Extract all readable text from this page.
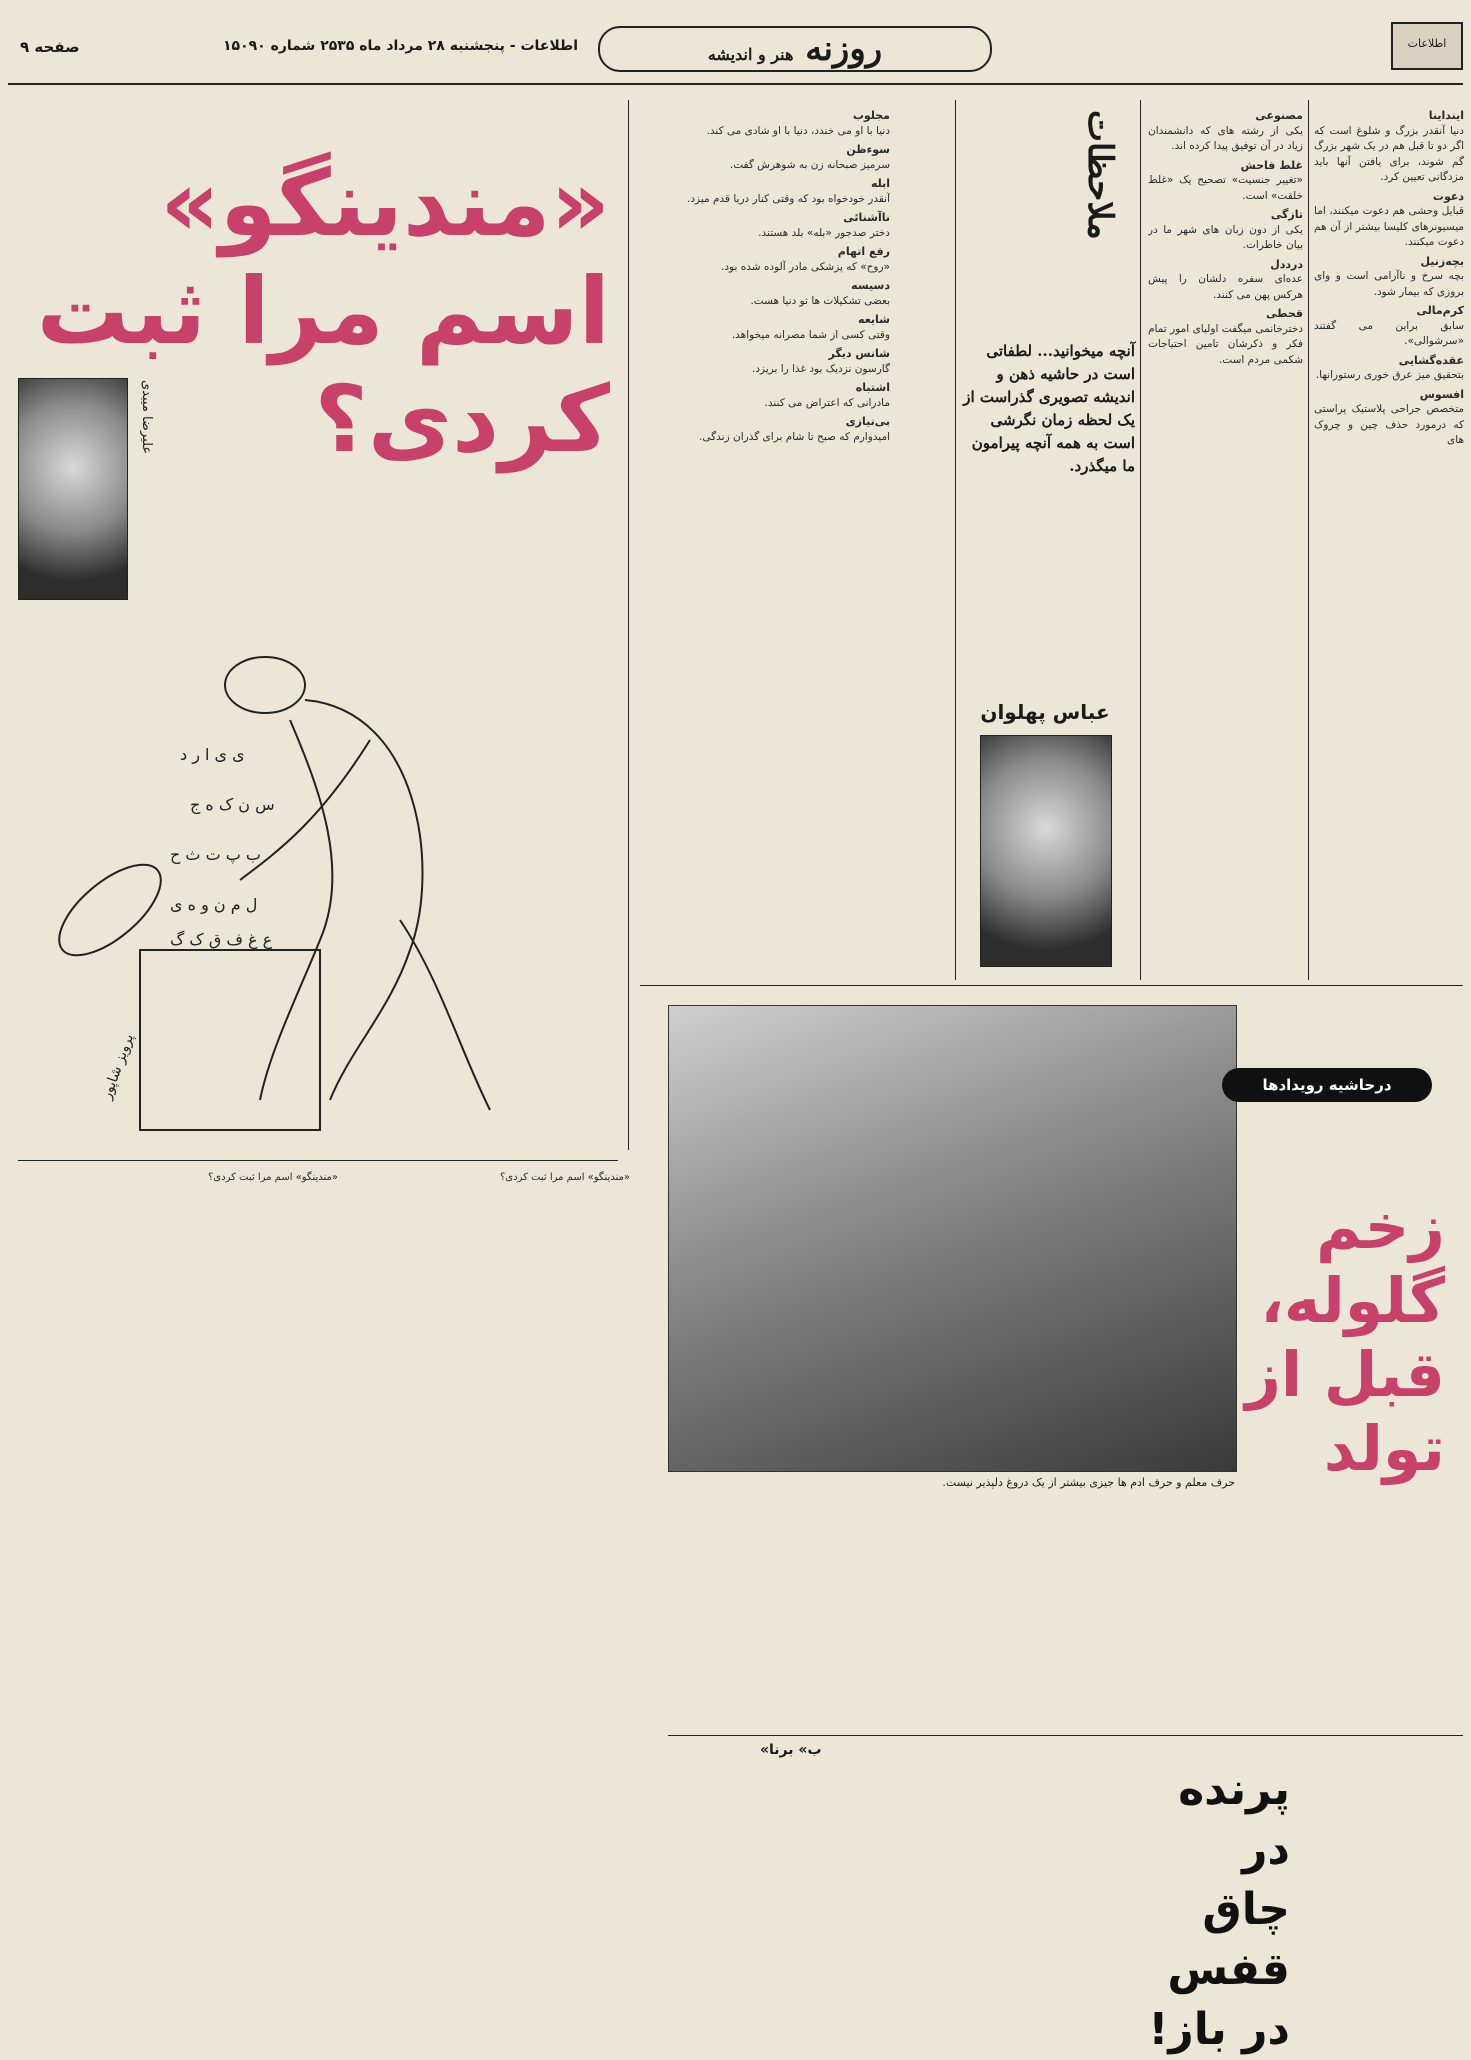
اطلاعات
روزنه هنر و اندیشه
اطلاعات - پنجشنبه ۲۸ مرداد ماه ۲۵۳۵ شماره ۱۵۰۹۰
صفحه ۹
«مندینگو» اسم مرا ثبت کردی؟
علیرضا میبدی
ی ی ا ر د
س ن ک ه ج
ب پ ت ث ح
ل م ن و ه ی
ع غ ف ق ک گ
پرویز شاپور
مجلوب
دنیا با او می خندد، دنیا با او شادی می کند.
سوءظن
سرمیز صبحانه زن به شوهرش گفت.
ابله
آنقدر خودخواه بود که وقتی کنار دریا قدم میزد.
ناآشنائی
دختر صدجور «بله» بلد هستند.
رفع اتهام
«روح» که پزشکی مادر آلوده شده بود.
دسیسه
بعضی تشکیلات ها تو دنیا هست.
شایعه
وقتی کسی از شما مصرانه میخواهد.
شانس دیگر
گارسون نزدیک بود غذا را بریزد.
اشتباه
مادرانی که اعتراض می کنند.
بی‌نیازی
امیدوارم که صبح تا شام برای گذران زندگی.
ملاحظات
آنچه میخوانید... لطفاتی است در حاشیه ذهن و اندیشه تصویری گذراست از یک لحظه زمان نگرشی است به همه آنچه پیرامون ما میگذرد.
عباس پهلوان
مصنوعی
یکی از رشته های که دانشمندان زیاد در آن توفیق پیدا کرده اند.
غلط فاحش
«تغییر جنسیت» تصحیح یک «غلط خلقت» است.
تازگی
یکی از دون زبان های شهر ما در بیان خاطرات.
درددل
عده‌ای سفره دلشان را پیش هرکس پهن می کنند.
قحطی
دخترخانمی میگفت اولیای امور تمام فکر و ذکرشان تامین احتیاجات شکمی مردم است.
اینداینا
دنیا آنقدر بزرگ و شلوغ است که اگر دو تا قبل هم در یک شهر بزرگ گم شوند، برای یافتن آنها باید مزدگانی تعیین کرد.
دعوت
قبایل وحشی هم دعوت میکنند، اما میسیونرهای کلیسا بیشتر از آن هم دعوت میکنند.
بچه‌زنیل
بچه سرخ و ناآرامی است و وای بروزی که بیمار شود.
کرم‌مالی
سابق براین می گفتند «سرشوالی».
عقده‌گشایی
بتحقیق میز عرق خوری رستورانها.
افسوس
متخصص جراحی پلاستیک پراستی که درمورد حذف چین و چروک های
حرف معلم و حرف ادم ها جیزی بیشتر از یک دروغ دلپذیر نیست.
درحاشیه رویدادها
زخم گلوله، قبل از تولد
«مندینگو» اسم مرا ثبت کردی؟	«مندینگو» اسم مرا ثبت کردی؟
«ب» برنا
پرنده در چاق قفس در باز!
